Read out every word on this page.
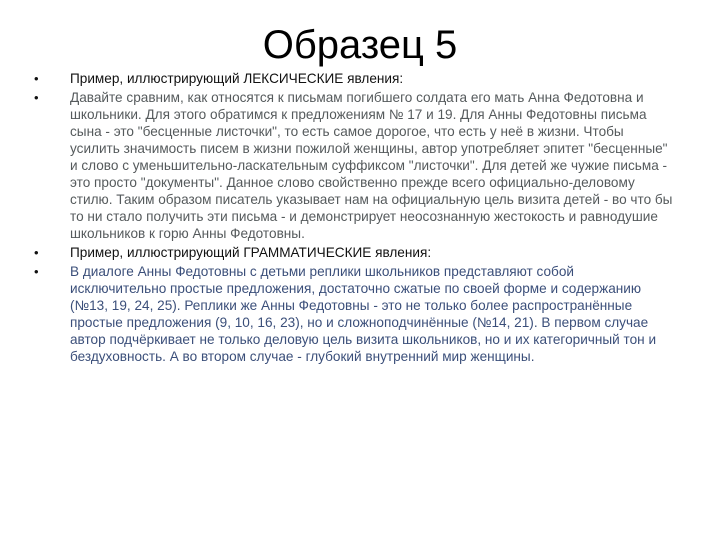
Образец 5
•	Пример, иллюстрирующий ЛЕКСИЧЕСКИЕ явления:
•	Давайте сравним, как относятся к письмам погибшего солдата его мать Анна Федотовна и школьники. Для этого обратимся к предложениям № 17 и 19. Для Анны Федотовны письма сына - это "бесценные листочки", то есть самое дорогое, что есть у неё в жизни. Чтобы усилить значимость писем в жизни пожилой женщины, автор употребляет эпитет "бесценные" и слово с уменьшительно-ласкательным суффиксом "листочки". Для детей же чужие письма - это просто "документы". Данное слово свойственно прежде всего официально-деловому стилю. Таким образом писатель указывает нам на официальную цель визита детей - во что бы то ни стало получить эти письма - и демонстрирует неосознанную жестокость и равнодушие школьников к горю Анны Федотовны.
•	Пример, иллюстрирующий ГРАММАТИЧЕСКИЕ явления:
•	В диалоге Анны Федотовны с детьми реплики школьников представляют собой исключительно простые предложения, достаточно сжатые по своей форме и содержанию (№13, 19, 24, 25). Реплики же Анны Федотовны - это не только более распространённые простые предложения (9, 10, 16, 23), но и сложноподчинённые (№14, 21). В первом случае автор подчёркивает не только деловую цель визита школьников, но и их категоричный тон и бездуховность. А во втором случае - глубокий внутренний мир женщины.
